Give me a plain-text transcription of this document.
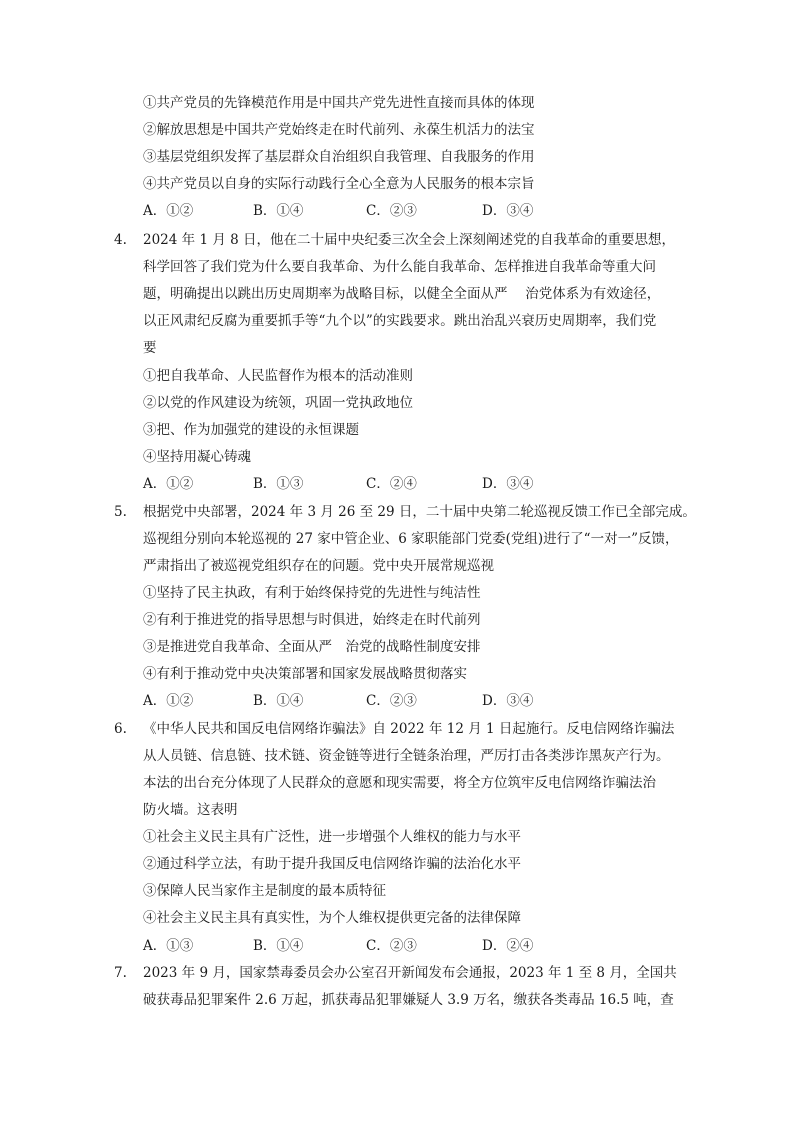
①共产党员的先锋模范作用是中国共产党先进性直接而具体的体现
②解放思想是中国共产党始终走在时代前列、永葆生机活力的法宝
③基层党组织发挥了基层群众自治组织自我管理、自我服务的作用
④共产党员以自身的实际行动践行全心全意为人民服务的根本宗旨
A．①②	B．①④	C．②③	D．③④
4. 2024 年 1 月 8 日，他在二十届中央纪委三次全会上深刻阐述党的自我革命的重要思想，
科学回答了我们党为什么要自我革命、为什么能自我革命、怎样推进自我革命等重大问
题，明确提出以跳出历史周期率为战略目标，以健全全面从严　 治党体系为有效途径，
以正风肃纪反腐为重要抓手等“九个以”的实践要求。跳出治乱兴衰历史周期率，我们党
要
①把自我革命、人民监督作为根本的活动准则
②以党的作风建设为统领，巩固一党执政地位
③把、作为加强党的建设的永恒课题
④坚持用凝心铸魂
A．①②	B．①③	C．②④	D．③④
5. 根据党中央部署，2024 年 3 月 26 至 29 日，二十届中央第二轮巡视反馈工作已全部完成。
巡视组分别向本轮巡视的 27 家中管企业、6 家职能部门党委(党组)进行了“一对一”反馈，
严肃指出了被巡视党组织存在的问题。党中央开展常规巡视
①坚持了民主执政，有利于始终保持党的先进性与纯洁性
②有利于推进党的指导思想与时俱进，始终走在时代前列
③是推进党自我革命、全面从严　治党的战略性制度安排
④有利于推动党中央决策部署和国家发展战略贯彻落实
A．①②	B．①④	C．②③	D．③④
6. 《中华人民共和国反电信网络诈骗法》自 2022 年 12 月 1 日起施行。反电信网络诈骗法
从人员链、信息链、技术链、资金链等进行全链条治理，严厉打击各类涉诈黑灰产行为。
本法的出台充分体现了人民群众的意愿和现实需要，将全方位筑牢反电信网络诈骗法治
防火墙。这表明
①社会主义民主具有广泛性，进一步增强个人维权的能力与水平
②通过科学立法，有助于提升我国反电信网络诈骗的法治化水平
③保障人民当家作主是制度的最本质特征
④社会主义民主具有真实性，为个人维权提供更完备的法律保障
A．①③	B．①④	C．②③	D．②④
7. 2023 年 9 月，国家禁毒委员会办公室召开新闻发布会通报，2023 年 1 至 8 月，全国共
破获毒品犯罪案件 2.6 万起，抓获毒品犯罪嫌疑人 3.9 万名，缴获各类毒品 16.5 吨，查
